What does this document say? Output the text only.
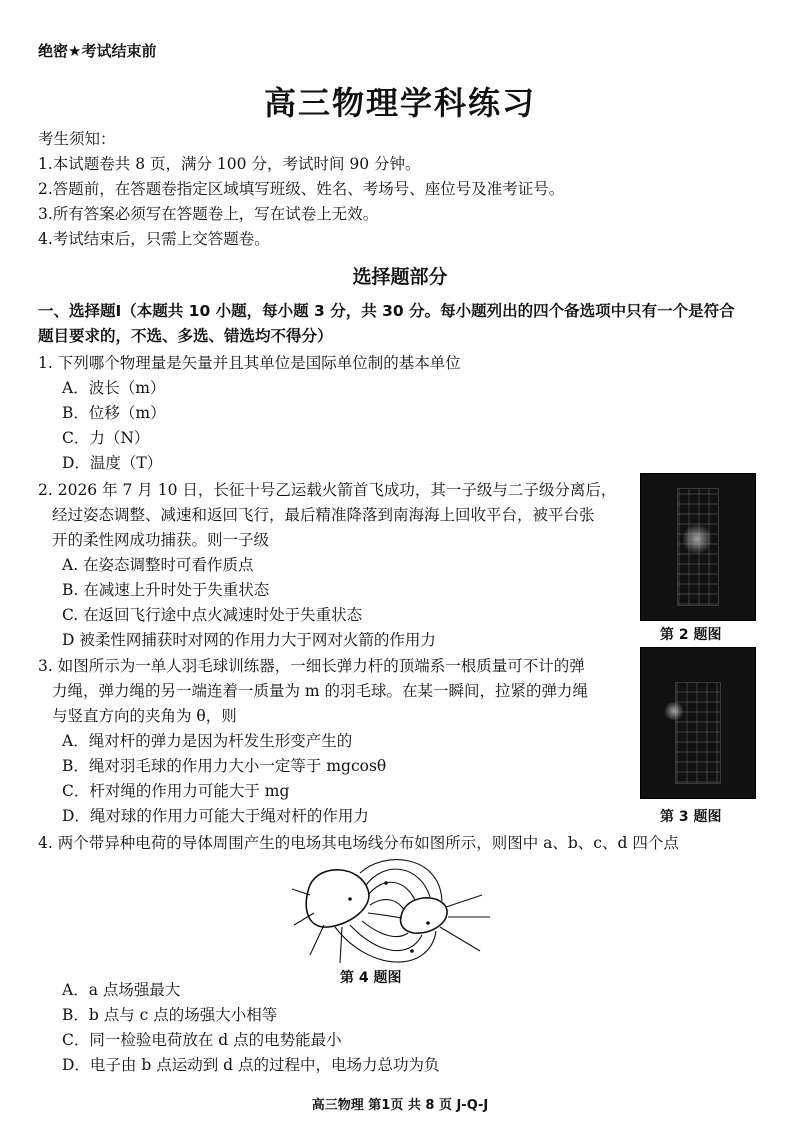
绝密★考试结束前
高三物理学科练习
考生须知：
1.本试题卷共 8 页，满分 100 分，考试时间 90 分钟。
2.答题前，在答题卷指定区域填写班级、姓名、考场号、座位号及准考证号。
3.所有答案必须写在答题卷上，写在试卷上无效。
4.考试结束后，只需上交答题卷。
选择题部分
一、选择题Ⅰ（本题共 10 小题，每小题 3 分，共 30 分。每小题列出的四个备选项中只有一个是符合
题目要求的，不选、多选、错选均不得分）
1. 下列哪个物理量是矢量并且其单位是国际单位制的基本单位
A．波长（m）
B．位移（m）
C．力（N）
D．温度（T）
2. 2026 年 7 月 10 日，长征十号乙运载火箭首飞成功，其一子级与二子级分离后，
经过姿态调整、减速和返回飞行，最后精准降落到南海海上回收平台，被平台张
开的柔性网成功捕获。则一子级
A. 在姿态调整时可看作质点
B. 在减速上升时处于失重状态
C. 在返回飞行途中点火减速时处于失重状态
D 被柔性网捕获时对网的作用力大于网对火箭的作用力	第 2 题图
3. 如图所示为一单人羽毛球训练器，一细长弹力杆的顶端系一根质量可不计的弹
力绳，弹力绳的另一端连着一质量为 m 的羽毛球。在某一瞬间，拉紧的弹力绳
与竖直方向的夹角为 θ，则
A．绳对杆的弹力是因为杆发生形变产生的
B．绳对羽毛球的作用力大小一定等于 mgcosθ
C．杆对绳的作用力可能大于 mg
D．绳对球的作用力可能大于绳对杆的作用力	第 3 题图
4. 两个带异种电荷的导体周围产生的电场其电场线分布如图所示，则图中 a、b、c、d 四个点
第 4 题图
A．a 点场强最大
B．b 点与 c 点的场强大小相等
C．同一检验电荷放在 d 点的电势能最小
D．电子由 b 点运动到 d 点的过程中，电场力总功为负
高三物理 第1页 共 8 页 J-Q-J
